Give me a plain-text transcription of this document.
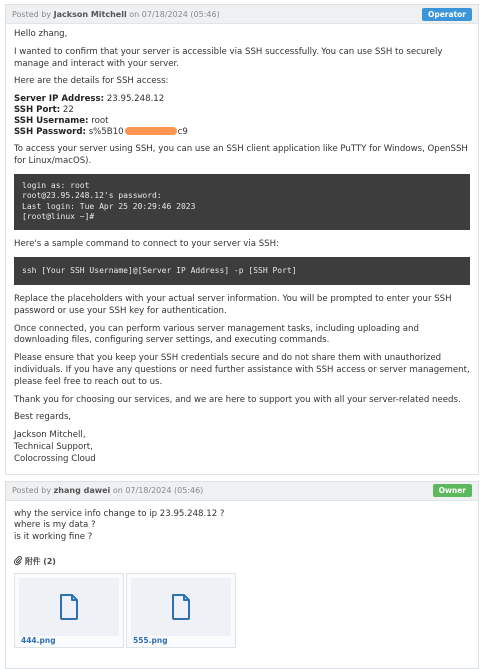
Posted by Jackson Mitchell on 07/18/2024 (05:46)	Operator

Hello zhang,

I wanted to confirm that your server is accessible via SSH successfully. You can use SSH to securely manage and interact with your server.

Here are the details for SSH access:

Server IP Address: 23.95.248.12
SSH Port: 22
SSH Username: root
SSH Password: s%5B10	c9

To access your server using SSH, you can use an SSH client application like PuTTY for Windows, OpenSSH for Linux/macOS).

login as: root
root@23.95.248.12's password:
Last login: Tue Apr 25 20:29:46 2023
[root@linux ~]#

Here's a sample command to connect to your server via SSH:

ssh [Your SSH Username]@[Server IP Address] -p [SSH Port]

Replace the placeholders with your actual server information. You will be prompted to enter your SSH password or use your SSH key for authentication.

Once connected, you can perform various server management tasks, including uploading and downloading files, configuring server settings, and executing commands.

Please ensure that you keep your SSH credentials secure and do not share them with unauthorized individuals. If you have any questions or need further assistance with SSH access or server management, please feel free to reach out to us.

Thank you for choosing our services, and we are here to support you with all your server-related needs.

Best regards,

Jackson Mitchell,
Technical Support,
Colocrossing Cloud
Posted by zhang dawei on 07/18/2024 (05:46)	Owner
why the service info change to ip 23.95.248.12 ?
where is my data ?
is it working fine ?
附件 (2)
444.png	555.png
